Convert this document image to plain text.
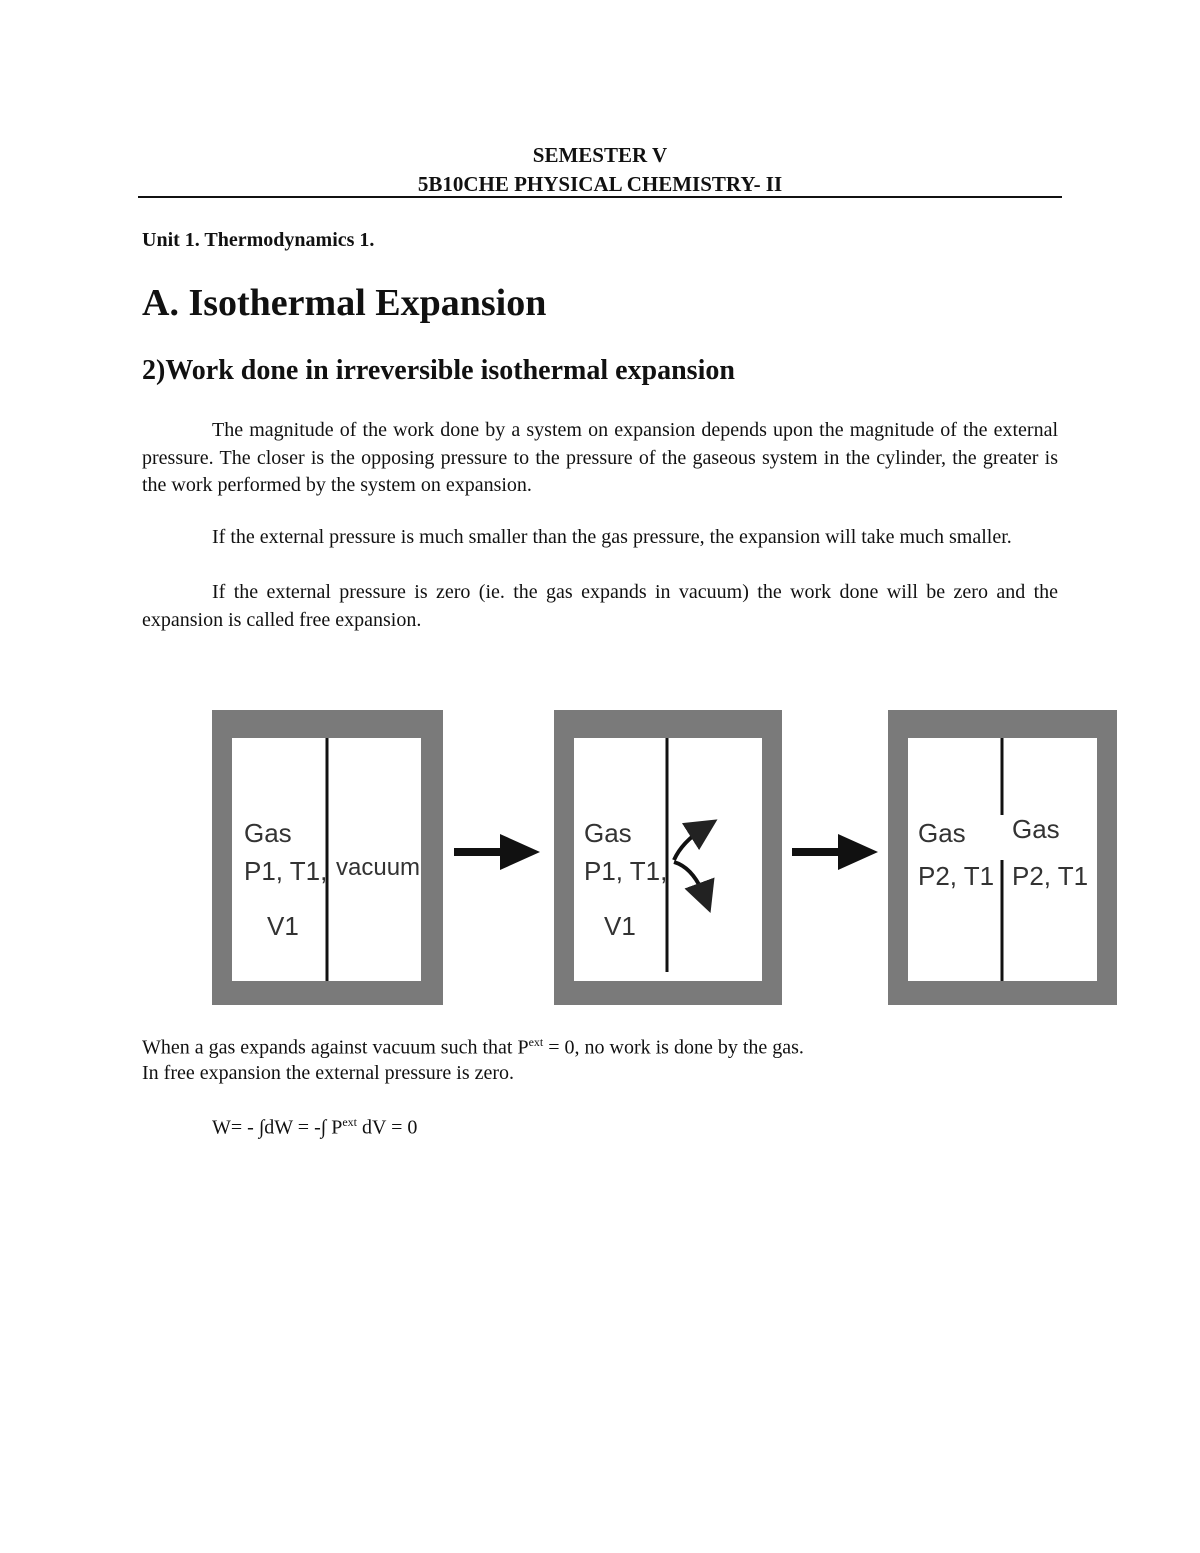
SEMESTER V
5B10CHE PHYSICAL CHEMISTRY- II
Unit 1. Thermodynamics 1.
A. Isothermal Expansion
2)Work done in irreversible isothermal expansion
The magnitude of the work done by a system on expansion depends upon the magnitude of the external pressure. The closer is the opposing pressure to the pressure of the gaseous system in the cylinder, the greater is the work performed by the system on expansion.
If the external pressure is much smaller than the gas pressure, the expansion will take much smaller.
If the external pressure is zero (ie. the gas expands in vacuum) the work done will be zero and the expansion is called free expansion.
Gas
P1, T1,
V1
vacuum
Gas
P1, T1,
V1
Gas
P2, T1
Gas
P2, T1
When a gas expands against vacuum such that $P^{ext} = 0$, no work is done by the gas.
In free expansion the external pressure is zero.
W= - ∫dW = -∫ $P^{ext}$ dV = 0
